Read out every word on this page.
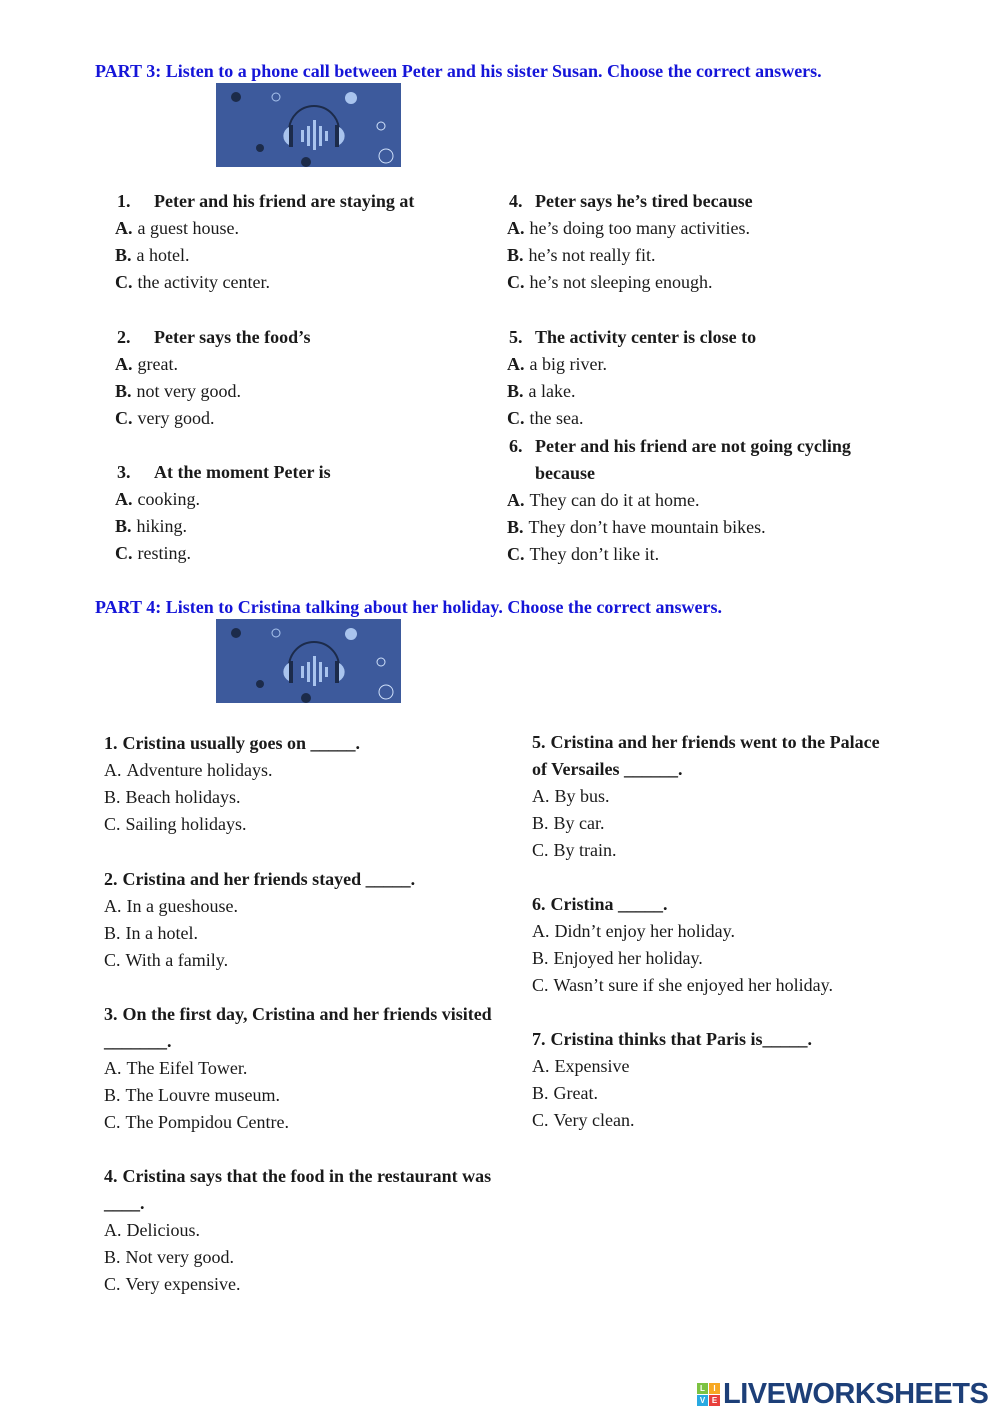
PART 3: Listen to a phone call between Peter and his sister Susan. Choose the correct answers.
PART 4: Listen to Cristina talking about her holiday. Choose the correct answers.
1.	Peter and his friend are staying at
A. a guest house.
B. a hotel.
C. the activity center.
2.	Peter says the food’s
A. great.
B. not very good.
C. very good.
3.	At the moment Peter is
A. cooking.
B. hiking.
C. resting.
4. Peter says he’s tired because
A. he’s doing too many activities.
B. he’s not really fit.
C. he’s not sleeping enough.
5. The activity center is close to
A. a big river.
B. a lake.
C. the sea.
6. Peter and his friend are not going cycling because
A. They can do it at home.
B. They don’t have mountain bikes.
C. They don’t like it.
1. Cristina usually goes on _____.
A. Adventure holidays.
B. Beach holidays.
C. Sailing holidays.
2. Cristina and her friends stayed _____.
A. In a gueshouse.
B. In a hotel.
C. With a family.
3. On the first day, Cristina and her friends visited _______.
A. The Eifel Tower.
B. The Louvre museum.
C. The Pompidou Centre.
4. Cristina says that the food in the restaurant was ____.
A. Delicious.
B. Not very good.
C. Very expensive.
5. Cristina and her friends went to the Palace of Versailes ______.
A. By bus.
B. By car.
C. By train.
6. Cristina _____.
A. Didn’t enjoy her holiday.
B. Enjoyed her holiday.
C. Wasn’t sure if she enjoyed her holiday.
7. Cristina thinks that Paris is_____.
A. Expensive
B. Great.
C. Very clean.
L	I
V E LIVEWORKSHEETS
